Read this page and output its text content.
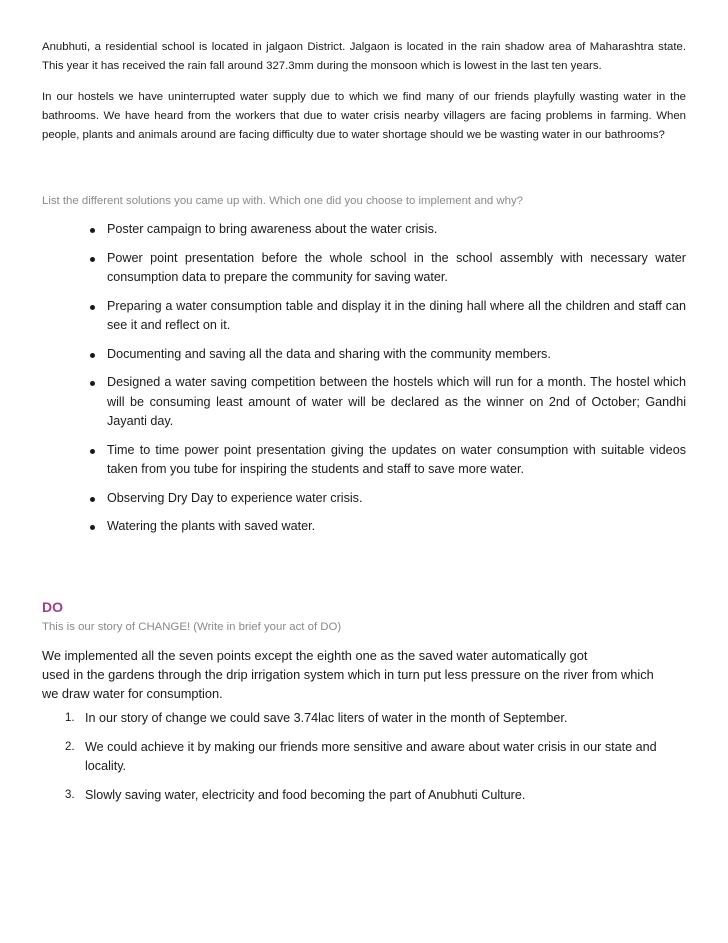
Anubhuti, a residential school is located in jalgaon District. Jalgaon is located in the rain shadow area of Maharashtra state. This year it has received the rain fall around 327.3mm during the monsoon which is lowest in the last ten years.

In our hostels we have uninterrupted water supply due to which we find many of our friends playfully wasting water in the bathrooms. We have heard from the workers that due to water crisis nearby villagers are facing problems in farming. When people, plants and animals around are facing difficulty due to water shortage should we be wasting water in our bathrooms?

List the different solutions you came up with. Which one did you choose to implement and why?

Poster campaign to bring awareness about the water crisis.
Power point presentation before the whole school in the school assembly with necessary water consumption data to prepare the community for saving water.
Preparing a water consumption table and display it in the dining hall where all the children and staff can see it and reflect on it.
Documenting and saving all the data and sharing with the community members.
Designed a water saving competition between the hostels which will run for a month. The hostel which will be consuming least amount of water will be declared as the winner on 2nd of October; Gandhi Jayanti day.
Time to time power point presentation giving the updates on water consumption with suitable videos taken from you tube for inspiring the students and staff to save more water.
Observing Dry Day to experience water crisis.
Watering the plants with saved water.
DO

This is our story of CHANGE! (Write in brief your act of DO)

We implemented all the seven points except the eighth one as the saved water automatically got
used in the gardens through the drip irrigation system which in turn put less pressure on the river from which
we draw water for consumption.

1. In our story of change we could save 3.74lac liters of water in the month of September.
2. We could achieve it by making our friends more sensitive and aware about water crisis in our state and locality.
3. Slowly saving water, electricity and food becoming the part of Anubhuti Culture.
